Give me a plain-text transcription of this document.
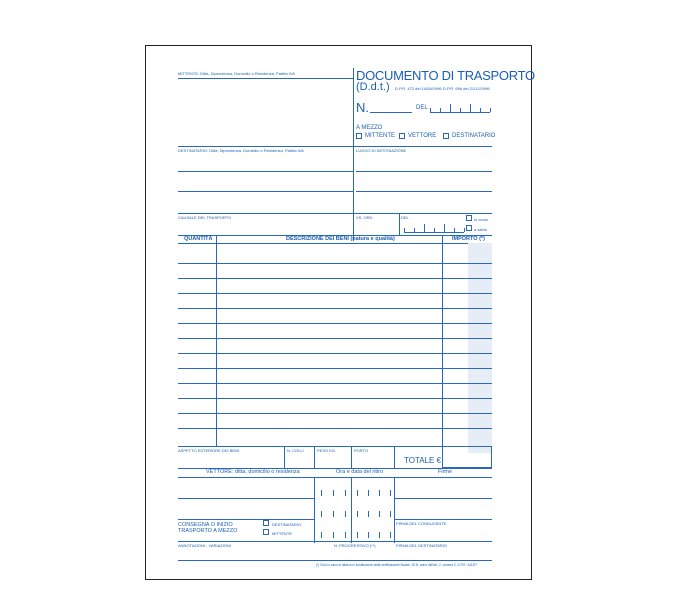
MITTENTE: Ditta, Dipendenza, Domicilio o Residenza, Partita IVA	DOCUMENTO DI TRASPORTO
(D.d.t.) D.P.R. 472 del 14/08/1996 D.P.R. 696 del 21/12/1996
N.	DEL
A MEZZO
MITTENTE VETTORE	DESTINATARIO
DESTINATARIO: Ditta, Dipendenza, Domicilio o Residenza, Partita IVA	LUOGO DI DESTINAZIONE
CAUSALE DEL TRASPORTO	VS. ORD.	DEL	in conto
a saldo
QUANTITÀ	DESCRIZIONE DEI BENI (natura e qualità)	IMPORTO (*)
ASPETTO ESTERIORE DEI BENI	N. COLLI	PESO KG.	PORTO
TOTALE €
VETTORE: ditta, domicilio o residenza	Ora e data del ritiro	Firme
CONSEGNA O INIZIO TRASPORTO A MEZZO
DESTINATARIO
MITTENTE
FIRMA DEL CONDUCENTE
ANNOTAZIONI - VARIAZIONI	N. PROGRESSIVO (**)	FIRMA DEL DESTINATARIO
(*) Solo in caso di utilizzo in sostituzione della certificazione fiscale. 25 N. anno dell'art. 2, comma 2, D.P.R. 441/97
